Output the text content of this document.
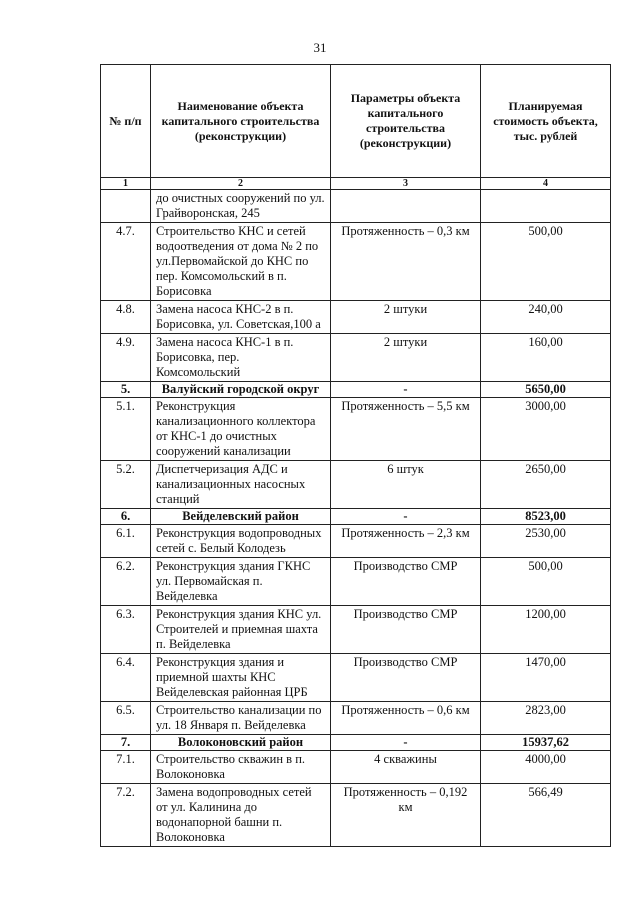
31
№ п/п	Наименование объекта капитального строительства (реконструкции)	Параметры объекта капитального строительства (реконструкции)	Планируемая стоимость объекта, тыс. рублей
1	2	3	4
	до очистных сооружений по ул. Грайворонская, 245		
4.7.	Строительство КНС и сетей водоотведения от дома № 2 по ул.Первомайской до КНС по пер. Комсомольский в п. Борисовка	Протяженность – 0,3 км	500,00
4.8.	Замена насоса КНС-2 в п. Борисовка, ул. Советская,100 а	2 штуки	240,00
4.9.	Замена насоса КНС-1 в п. Борисовка, пер. Комсомольский	2 штуки	160,00
5.	Валуйский городской округ	-	5650,00
5.1.	Реконструкция канализационного коллектора от КНС-1 до очистных сооружений канализации	Протяженность – 5,5 км	3000,00
5.2.	Диспетчеризация АДС и канализационных насосных станций	6 штук	2650,00
6.	Вейделевский район	-	8523,00
6.1.	Реконструкция водопроводных сетей с. Белый Колодезь	Протяженность – 2,3 км	2530,00
6.2.	Реконструкция здания ГКНС ул. Первомайская п. Вейделевка	Производство СМР	500,00
6.3.	Реконструкция здания КНС ул. Строителей и приемная шахта п. Вейделевка	Производство СМР	1200,00
6.4.	Реконструкция здания и приемной шахты КНС Вейделевская районная ЦРБ	Производство СМР	1470,00
6.5.	Строительство канализации по ул. 18 Января п. Вейделевка	Протяженность – 0,6 км	2823,00
7.	Волоконовский район	-	15937,62
7.1.	Строительство скважин в п. Волоконовка	4 скважины	4000,00
7.2.	Замена водопроводных сетей от ул. Калинина до водонапорной башни п. Волоконовка	Протяженность – 0,192 км	566,49
